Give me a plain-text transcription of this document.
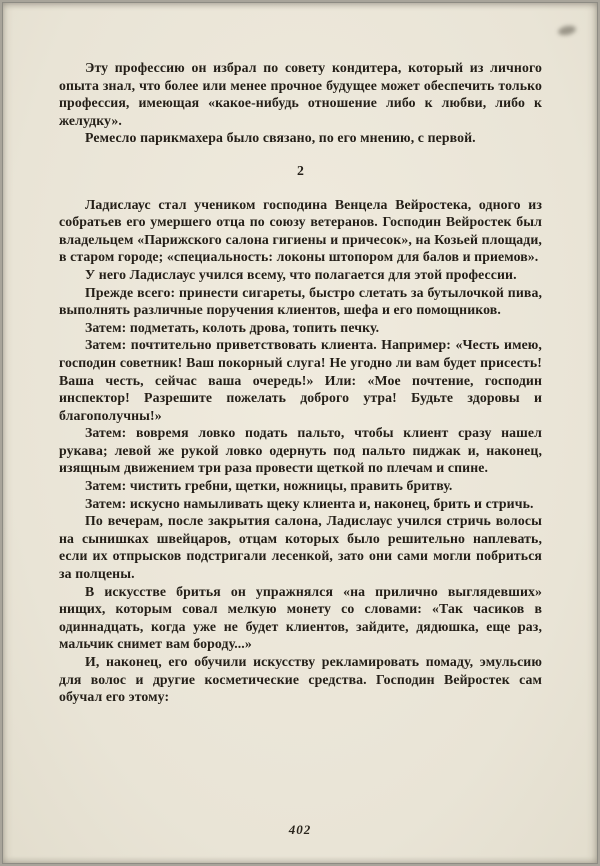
Эту профессию он избрал по совету кондитера, который из личного опыта знал, что более или менее прочное будущее может обеспечить только профессия, имеющая «какое-нибудь отношение либо к любви, либо к желудку».

Ремесло парикмахера было связано, по его мнению, с первой.

2

Ладислаус стал учеником господина Венцела Вейростека, одного из собратьев его умершего отца по союзу ветеранов. Господин Вейростек был владельцем «Парижского салона гигиены и причесок», на Козьей площади, в старом городе; «специальность: локоны штопором для балов и приемов».

У него Ладислаус учился всему, что полагается для этой профессии.

Прежде всего: принести сигареты, быстро слетать за бутылочкой пива, выполнять различные поручения клиентов, шефа и его помощников.

Затем: подметать, колоть дрова, топить печку.

Затем: почтительно приветствовать клиента. Например: «Честь имею, господин советник! Ваш покорный слуга! Не угодно ли вам будет присесть! Ваша честь, сейчас ваша очередь!» Или: «Мое почтение, господин инспектор! Разрешите пожелать доброго утра! Будьте здоровы и благополучны!»

Затем: вовремя ловко подать пальто, чтобы клиент сразу нашел рукава; левой же рукой ловко одернуть под пальто пиджак и, наконец, изящным движением три раза провести щеткой по плечам и спине.

Затем: чистить гребни, щетки, ножницы, править бритву.

Затем: искусно намыливать щеку клиента и, наконец, брить и стричь.

По вечерам, после закрытия салона, Ладислаус учился стричь волосы на сынишках швейцаров, отцам которых было решительно наплевать, если их отпрысков подстригали лесенкой, зато они сами могли побриться за полцены.

В искусстве бритья он упражнялся «на прилично выглядевших» нищих, которым совал мелкую монету со словами: «Так часиков в одиннадцать, когда уже не будет клиентов, зайдите, дядюшка, еще раз, мальчик снимет вам бороду...»

И, наконец, его обучили искусству рекламировать помаду, эмульсию для волос и другие косметические средства. Господин Вейростек сам обучал его этому:

402
